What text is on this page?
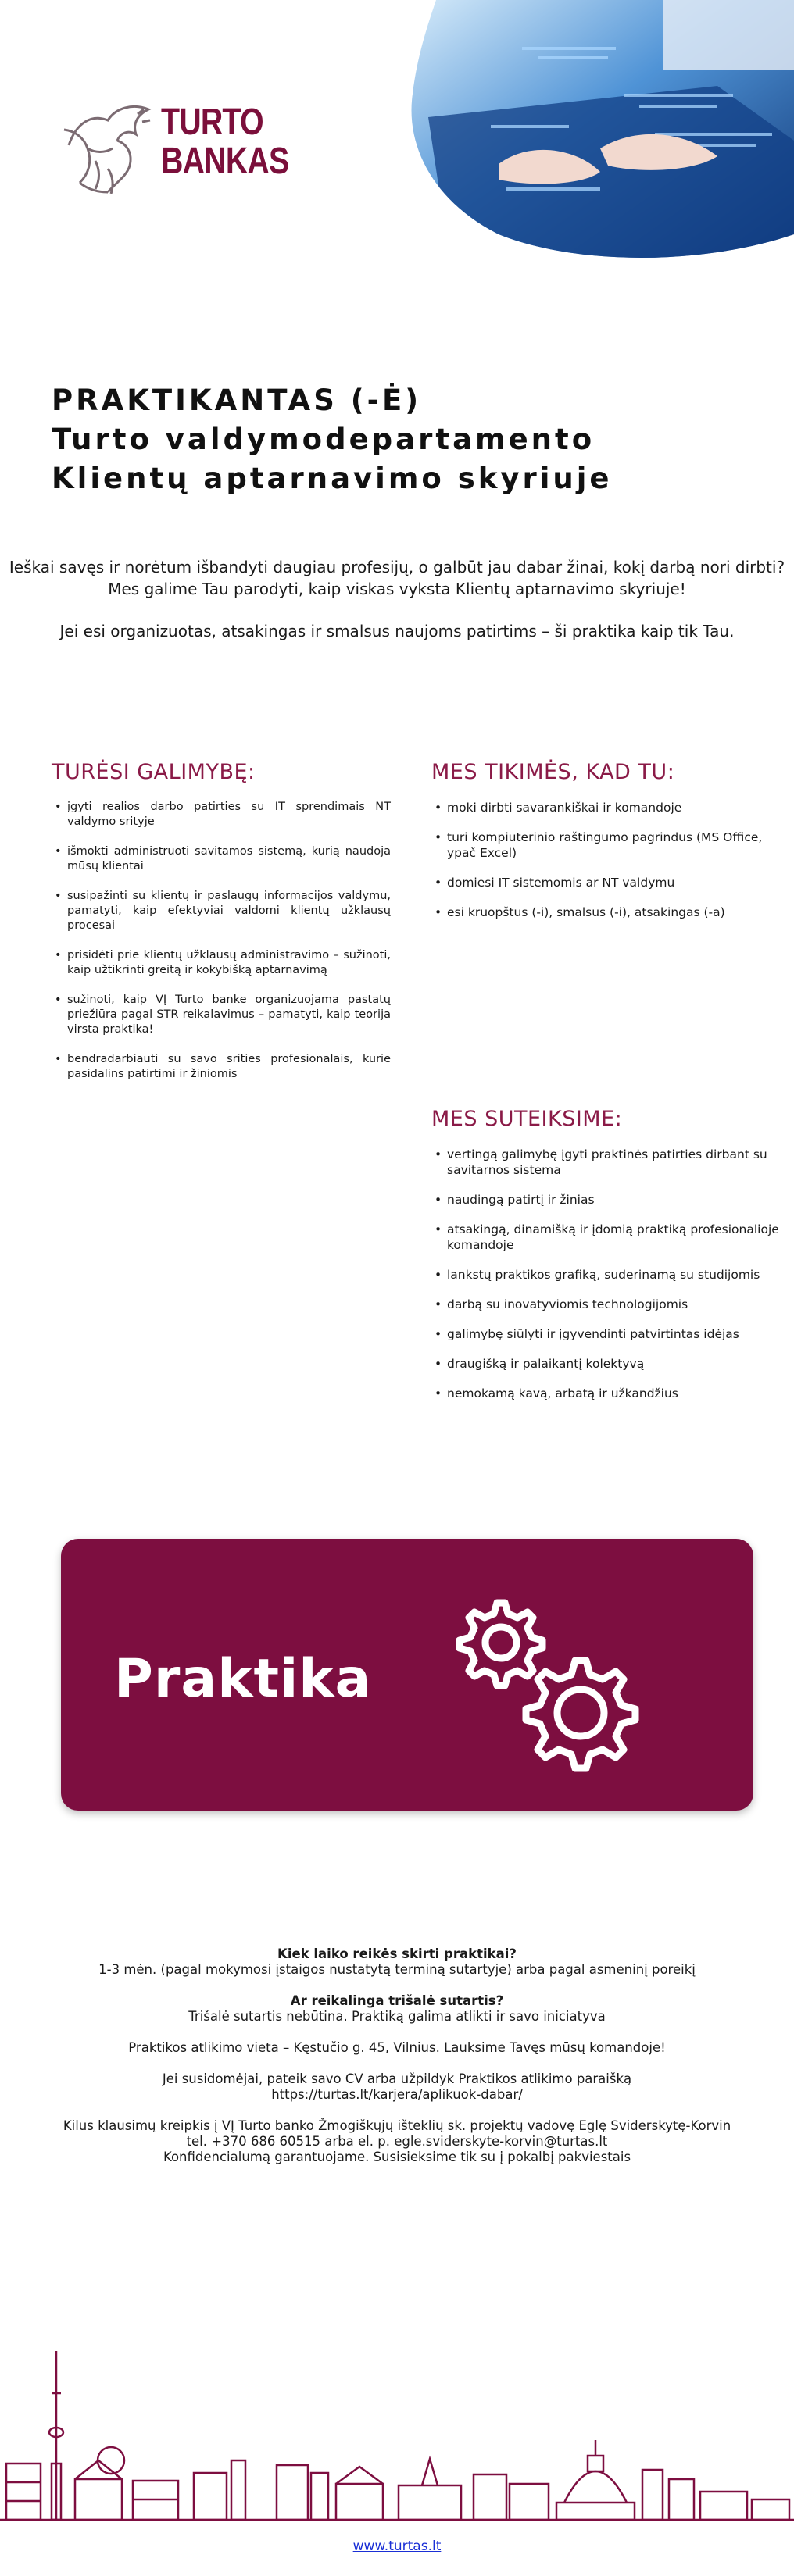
TURTO
BANKAS
PRAKTIKANTAS (-Ė)
Turto valdymodepartamento
Klientų aptarnavimo skyriuje

Ieškai savęs ir norėtum išbandyti daugiau profesijų, o galbūt jau dabar žinai, kokį darbą nori dirbti?

Mes galime Tau parodyti, kaip viskas vyksta Klientų aptarnavimo skyriuje!

Jei esi organizuotas, atsakingas ir smalsus naujoms patirtims – ši praktika kaip tik Tau.

TURĖSI GALIMYBĘ:
• įgyti realios darbo patirties su IT sprendimais NT valdymo srityje
• išmokti administruoti savitamos sistemą, kurią naudoja mūsų klientai
• susipažinti su klientų ir paslaugų informacijos valdymu, pamatyti, kaip efektyviai valdomi klientų užklausų procesai
• prisidėti prie klientų užklausų administravimo – sužinoti, kaip užtikrinti greitą ir kokybišką aptarnavimą
• sužinoti, kaip VĮ Turto banke organizuojama pastatų priežiūra pagal STR reikalavimus – pamatyti, kaip teorija virsta praktika!
• bendradarbiauti su savo srities profesionalais, kurie pasidalins patirtimi ir žiniomis
MES TIKIMĖS, KAD TU:
• moki dirbti savarankiškai ir komandoje
• turi kompiuterinio raštingumo pagrindus (MS Office, ypač Excel)
• domiesi IT sistemomis ar NT valdymu
• esi kruopštus (-i), smalsus (-i), atsakingas (-a)
MES SUTEIKSIME:
• vertingą galimybę įgyti praktinės patirties dirbant su savitarnos sistema
• naudingą patirtį ir žinias
• atsakingą, dinamišką ir įdomią praktiką profesionalioje komandoje
• lankstų praktikos grafiką, suderinamą su studijomis
• darbą su inovatyviomis technologijomis
• galimybę siūlyti ir įgyvendinti patvirtintas idėjas
• draugišką ir palaikantį kolektyvą
• nemokamą kavą, arbatą ir užkandžius
Praktika

Kiek laiko reikės skirti praktikai?

1-3 mėn. (pagal mokymosi įstaigos nustatytą terminą sutartyje) arba pagal asmeninį poreikį

Ar reikalinga trišalė sutartis?

Trišalė sutartis nebūtina. Praktiką galima atlikti ir savo iniciatyva

Praktikos atlikimo vieta – Kęstučio g. 45, Vilnius. Lauksime Tavęs mūsų komandoje!

Jei susidomėjai, pateik savo CV arba užpildyk Praktikos atlikimo paraišką

https://turtas.lt/karjera/aplikuok-dabar/

Kilus klausimų kreipkis į VĮ Turto banko Žmogiškųjų išteklių sk. projektų vadovę Eglę Sviderskytę-Korvin

tel. +370 686 60515 arba el. p. egle.sviderskyte-korvin@turtas.lt

Konfidencialumą garantuojame. Susisieksime tik su į pokalbį pakviestais

www.turtas.lt
